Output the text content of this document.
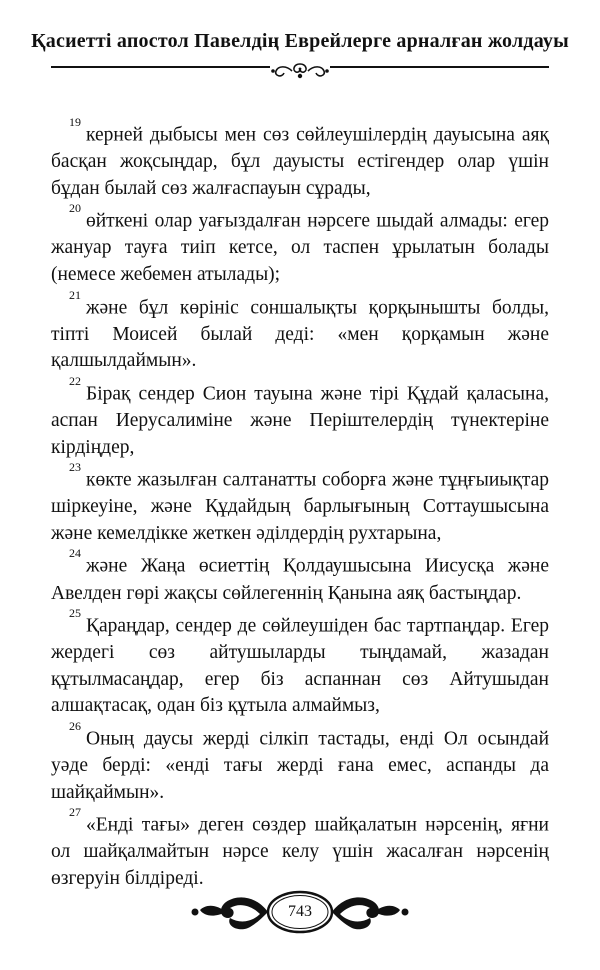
Қасиетті апостол Павелдің Еврейлерге арналған жолдауы

$^{19}$керней дыбысы мен сөз сөйлеушілердің дауысына аяқ басқан жоқсыңдар, бұл дауысты естігендер олар үшін бұдан былай сөз жалғаспауын сұрады,

$^{20}$өйткені олар уағыздалған нәрсеге шыдай алмады: егер жануар тауға тиіп кетсе, ол таспен ұрылатын болады (немесе жебемен атылады);

$^{21}$және бұл көрініс соншалықты қорқынышты болды, тіпті Моисей былай деді: «мен қорқамын және қалшылдаймын».

$^{22}$Бірақ сендер Сион тауына және тірі Құдай қаласына, аспан Иерусалиміне және Періштелердің түнектеріне кірдіңдер,

$^{23}$көкте жазылған салтанатты соборға және тұңғыиықтар шіркеуіне, және Құдайдың барлығының Соттаушысына және кемелдікке жеткен әділдердің рухтарына,

$^{24}$және Жаңа өсиеттің Қолдаушысына Иисусқа және Авелден гөрі жақсы сөйлегеннің Қанына аяқ бастыңдар.

$^{25}$Қараңдар, сендер де сөйлеушіден бас тартпаңдар. Егер жердегі сөз айтушыларды тыңдамай, жазадан құтылмасаңдар, егер біз аспаннан сөз Айтушыдан алшақтасақ, одан біз құтыла алмаймыз,

$^{26}$Оның даусы жерді сілкіп тастады, енді Ол осындай уәде берді: «енді тағы жерді ғана емес, аспанды да шайқаймын».

$^{27}$«Енді тағы» деген сөздер шайқалатын нәрсенің, яғни ол шайқалмайтын нәрсе келу үшін жасалған нәрсенің өзгеруін білдіреді.

743
